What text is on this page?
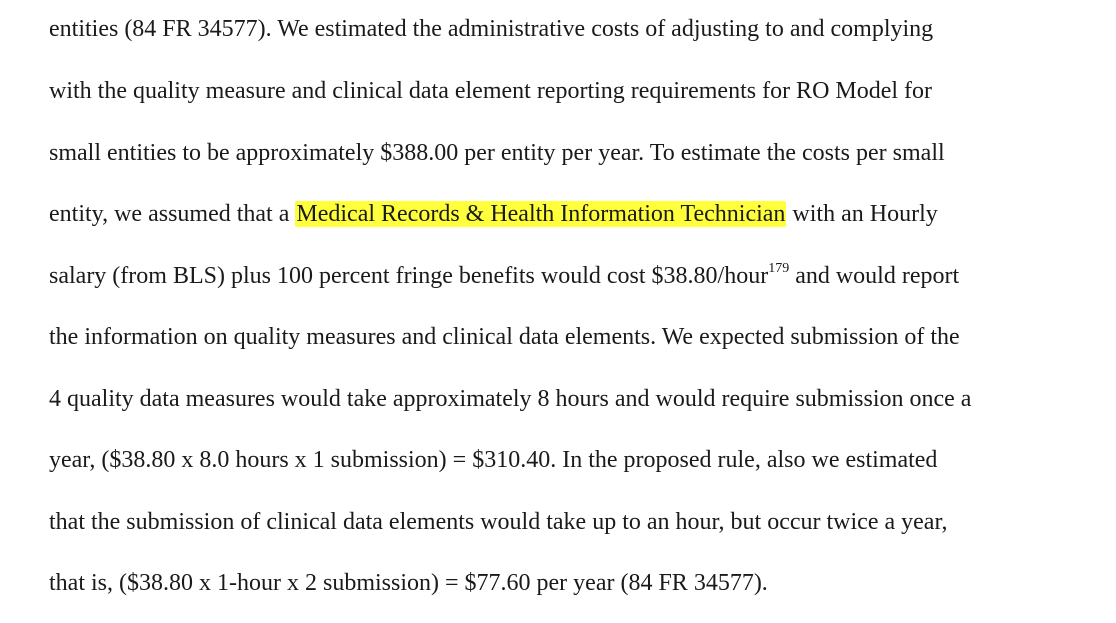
entities (84 FR 34577). We estimated the administrative costs of adjusting to and complying
with the quality measure and clinical data element reporting requirements for RO Model for
small entities to be approximately $388.00 per entity per year. To estimate the costs per small
entity, we assumed that a Medical Records & Health Information Technician with an Hourly
salary (from BLS) plus 100 percent fringe benefits would cost $38.80/hour$^{179}$ and would report
the information on quality measures and clinical data elements. We expected submission of the
4 quality data measures would take approximately 8 hours and would require submission once a
year, ($38.80 x 8.0 hours x 1 submission) = $310.40. In the proposed rule, also we estimated
that the submission of clinical data elements would take up to an hour, but occur twice a year,
that is, ($38.80 x 1-hour x 2 submission) = $77.60 per year (84 FR 34577).
